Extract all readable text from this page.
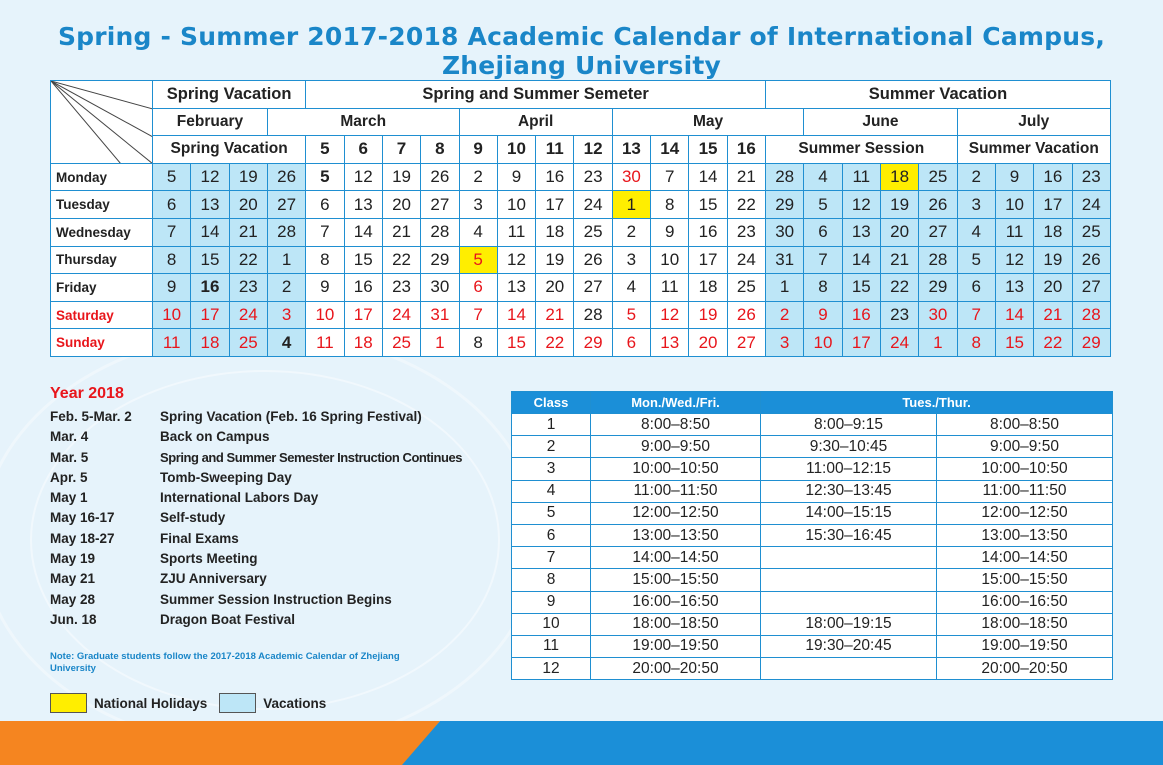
Spring - Summer 2017-2018 Academic Calendar of International Campus, Zhejiang University
	Spring Vacation				Spring and Summer Semeter												Summer Vacation								
	February			March					April				May					June				July			
	Spring Vacation				5	6	7	8	9	10	11	12	13	14	15	16	Summer Session					Summer Vacation			
Monday	5	12	19	26	5	12	19	26	2	9	16	23	30	7	14	21	28	4	11	18	25	2	9	16	23
Tuesday	6	13	20	27	6	13	20	27	3	10	17	24	1	8	15	22	29	5	12	19	26	3	10	17	24
Wednesday	7	14	21	28	7	14	21	28	4	11	18	25	2	9	16	23	30	6	13	20	27	4	11	18	25
Thursday	8	15	22	1	8	15	22	29	5	12	19	26	3	10	17	24	31	7	14	21	28	5	12	19	26
Friday	9	16	23	2	9	16	23	30	6	13	20	27	4	11	18	25	1	8	15	22	29	6	13	20	27
Saturday	10	17	24	3	10	17	24	31	7	14	21	28	5	12	19	26	2	9	16	23	30	7	14	21	28
Sunday	11	18	25	4	11	18	25	1	8	15	22	29	6	13	20	27	3	10	17	24	1	8	15	22	29
Year 2018
Feb. 5-Mar. 2	Spring Vacation (Feb. 16 Spring Festival)
Mar. 4	Back on Campus
Mar. 5	Spring and Summer Semester Instruction Continues
Apr. 5	Tomb-Sweeping Day
May 1	International Labors Day
May 16-17	Self-study
May 18-27	Final Exams
May 19	Sports Meeting
May 21	ZJU Anniversary
May 28	Summer Session Instruction Begins
Jun. 18	Dragon Boat Festival
Note: Graduate students follow the 2017-2018 Academic Calendar of Zhejiang University
National Holidays	Vacations
Class	Mon./Wed./Fri.	Tues./Thur.	
1	8:00–8:50	8:00–9:15	8:00–8:50
2	9:00–9:50	9:30–10:45	9:00–9:50
3	10:00–10:50	11:00–12:15	10:00–10:50
4	11:00–11:50	12:30–13:45	11:00–11:50
5	12:00–12:50	14:00–15:15	12:00–12:50
6	13:00–13:50	15:30–16:45	13:00–13:50
7	14:00–14:50		14:00–14:50
8	15:00–15:50		15:00–15:50
9	16:00–16:50		16:00–16:50
10	18:00–18:50	18:00–19:15	18:00–18:50
11	19:00–19:50	19:30–20:45	19:00–19:50
12	20:00–20:50		20:00–20:50
